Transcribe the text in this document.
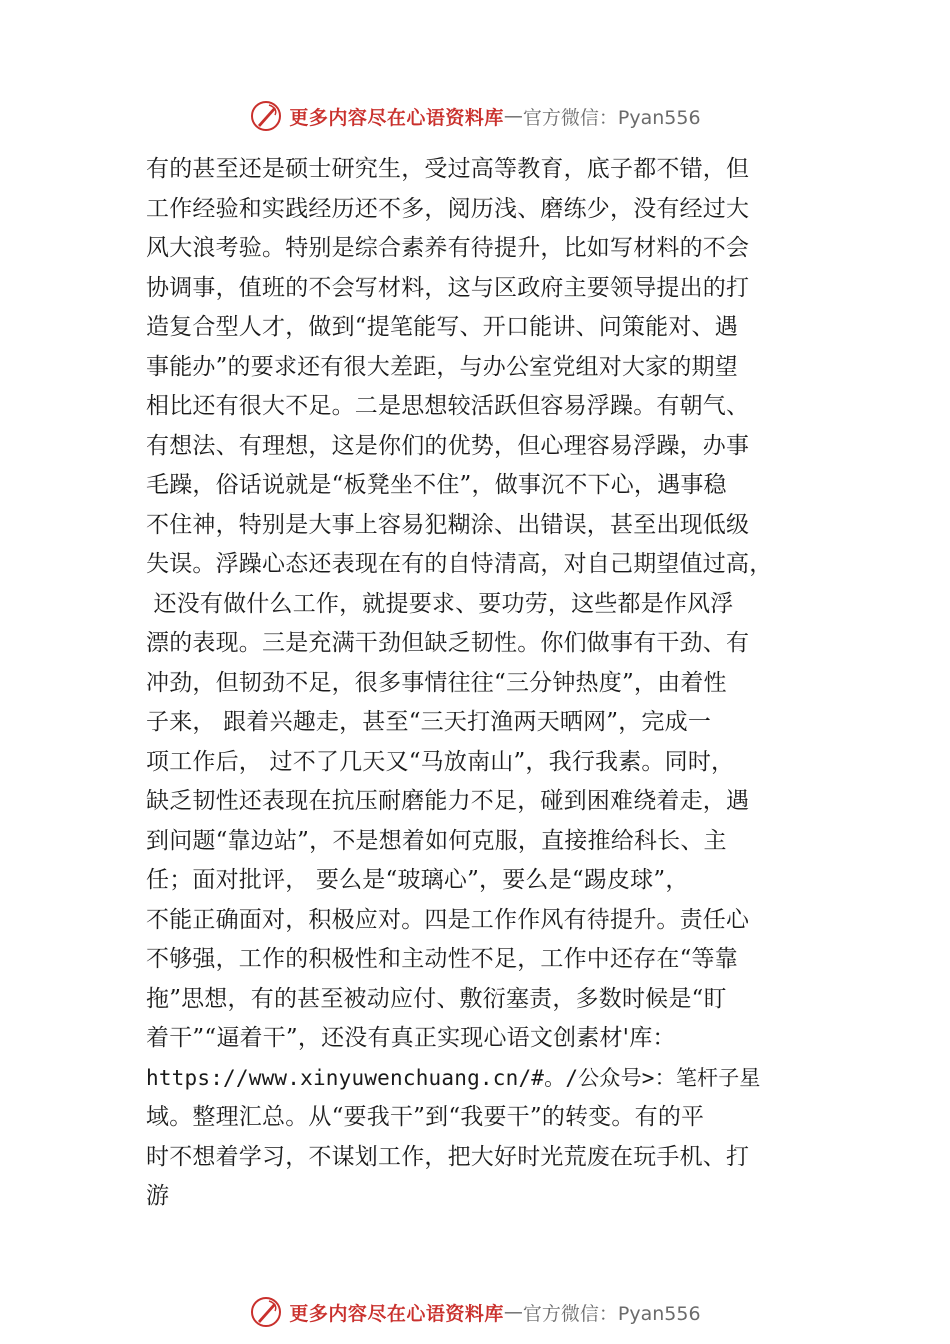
更多内容尽在心语资料库 — 官方微信：Pyan556
有的甚至还是硕士研究生，受过高等教育，底子都不错，但
工作经验和实践经历还不多，阅历浅、磨练少，没有经过大
风大浪考验。特别是综合素养有待提升，比如写材料的不会
协调事，值班的不会写材料，这与区政府主要领导提出的打
造复合型人才，做到“提笔能写、开口能讲、问策能对、遇
事能办”的要求还有很大差距，与办公室党组对大家的期望
相比还有很大不足。二是思想较活跃但容易浮躁。有朝气、
有想法、有理想，这是你们的优势，但心理容易浮躁，办事
毛躁，俗话说就是“板凳坐不住”，做事沉不下心，遇事稳
不住神，特别是大事上容易犯糊涂、出错误，甚至出现低级
失误。浮躁心态还表现在有的自恃清高，对自己期望值过高，
还没有做什么工作，就提要求、要功劳，这些都是作风浮
漂的表现。三是充满干劲但缺乏韧性。你们做事有干劲、有
冲劲，但韧劲不足，很多事情往往“三分钟热度”，由着性
子来， 跟着兴趣走，甚至“三天打渔两天晒网”，完成一
项工作后， 过不了几天又“马放南山”，我行我素。同时，
缺乏韧性还表现在抗压耐磨能力不足，碰到困难绕着走，遇
到问题“靠边站”，不是想着如何克服，直接推给科长、主
任；面对批评， 要么是“玻璃心”，要么是“踢皮球”，
不能正确面对，积极应对。四是工作作风有待提升。责任心
不够强，工作的积极性和主动性不足，工作中还存在“等靠
拖”思想，有的甚至被动应付、敷衍塞责，多数时候是“盯
着干”“逼着干”，还没有真正实现心语文创素材'库：
https://www.xinyuwenchuang.cn/#。/公众号>：笔杆子星
域。整理汇总。从“要我干”到“我要干”的转变。有的平
时不想着学习，不谋划工作，把大好时光荒废在玩手机、打
游
更多内容尽在心语资料库 — 官方微信：Pyan556
